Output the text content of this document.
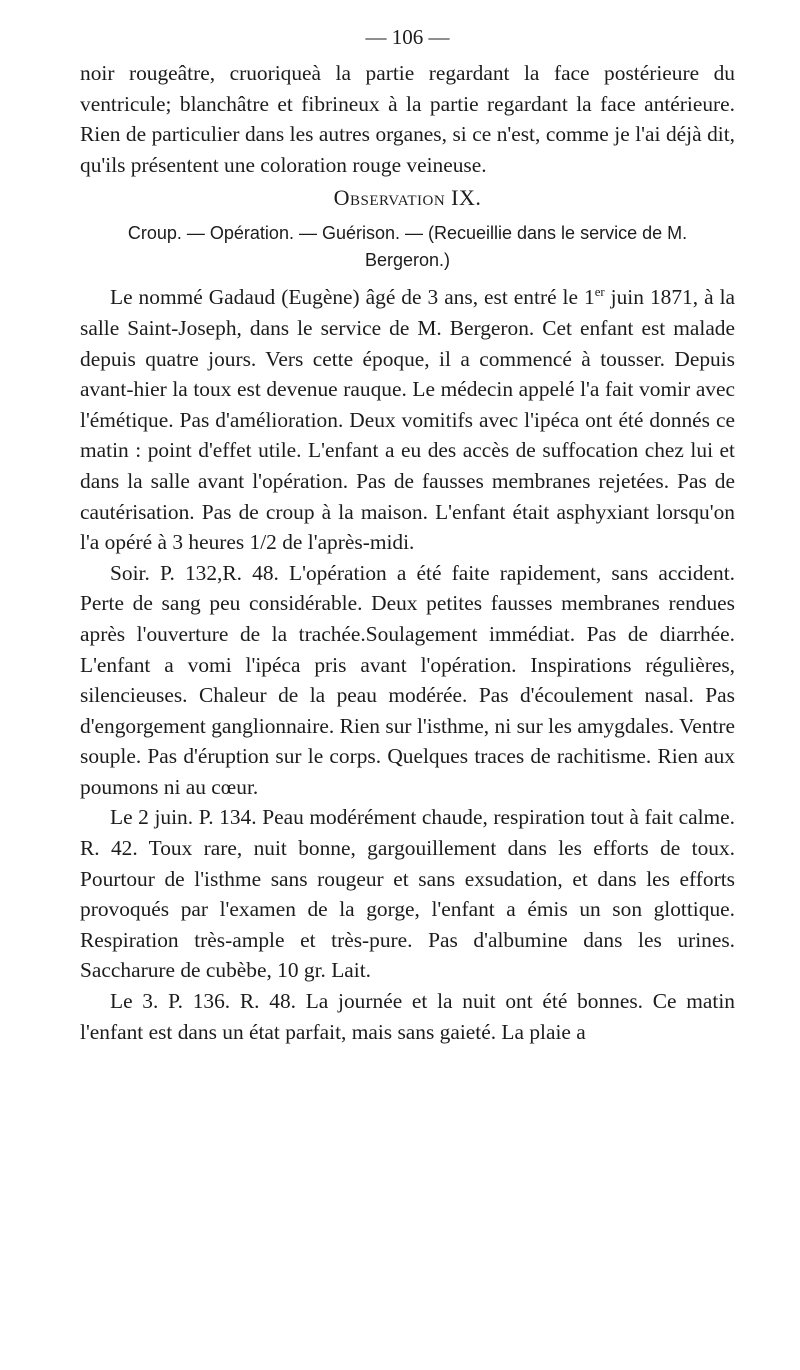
— 106 —

noir rougeâtre, cruoriqueà la partie regardant la face postérieure du ventricule; blanchâtre et fibrineux à la partie regardant la face antérieure. Rien de particulier dans les autres organes, si ce n'est, comme je l'ai déjà dit, qu'ils présentent une coloration rouge veineuse.

Observation IX.
Croup. — Opération. — Guérison. — (Recueillie dans le service de M. Bergeron.)

Le nommé Gadaud (Eugène) âgé de 3 ans, est entré le 1er juin 1871, à la salle Saint-Joseph, dans le service de M. Bergeron. Cet enfant est malade depuis quatre jours. Vers cette époque, il a commencé à tousser. Depuis avant-hier la toux est devenue rauque. Le médecin appelé l'a fait vomir avec l'émétique. Pas d'amélioration. Deux vomitifs avec l'ipéca ont été donnés ce matin : point d'effet utile. L'enfant a eu des accès de suffocation chez lui et dans la salle avant l'opération. Pas de fausses membranes rejetées. Pas de cautérisation. Pas de croup à la maison. L'enfant était asphyxiant lorsqu'on l'a opéré à 3 heures 1/2 de l'après-midi.

Soir. P. 132,R. 48. L'opération a été faite rapidement, sans accident. Perte de sang peu considérable. Deux petites fausses membranes rendues après l'ouverture de la trachée.Soulagement immédiat. Pas de diarrhée. L'enfant a vomi l'ipéca pris avant l'opération. Inspirations régulières, silencieuses. Chaleur de la peau modérée. Pas d'écoulement nasal. Pas d'engorgement ganglionnaire. Rien sur l'isthme, ni sur les amygdales. Ventre souple. Pas d'éruption sur le corps. Quelques traces de rachitisme. Rien aux poumons ni au cœur.

Le 2 juin. P. 134. Peau modérément chaude, respiration tout à fait calme. R. 42. Toux rare, nuit bonne, gargouillement dans les efforts de toux. Pourtour de l'isthme sans rougeur et sans exsudation, et dans les efforts provoqués par l'examen de la gorge, l'enfant a émis un son glottique. Respiration très-ample et très-pure. Pas d'albumine dans les urines. Saccharure de cubèbe, 10 gr. Lait.

Le 3. P. 136. R. 48. La journée et la nuit ont été bonnes. Ce matin l'enfant est dans un état parfait, mais sans gaieté. La plaie a
